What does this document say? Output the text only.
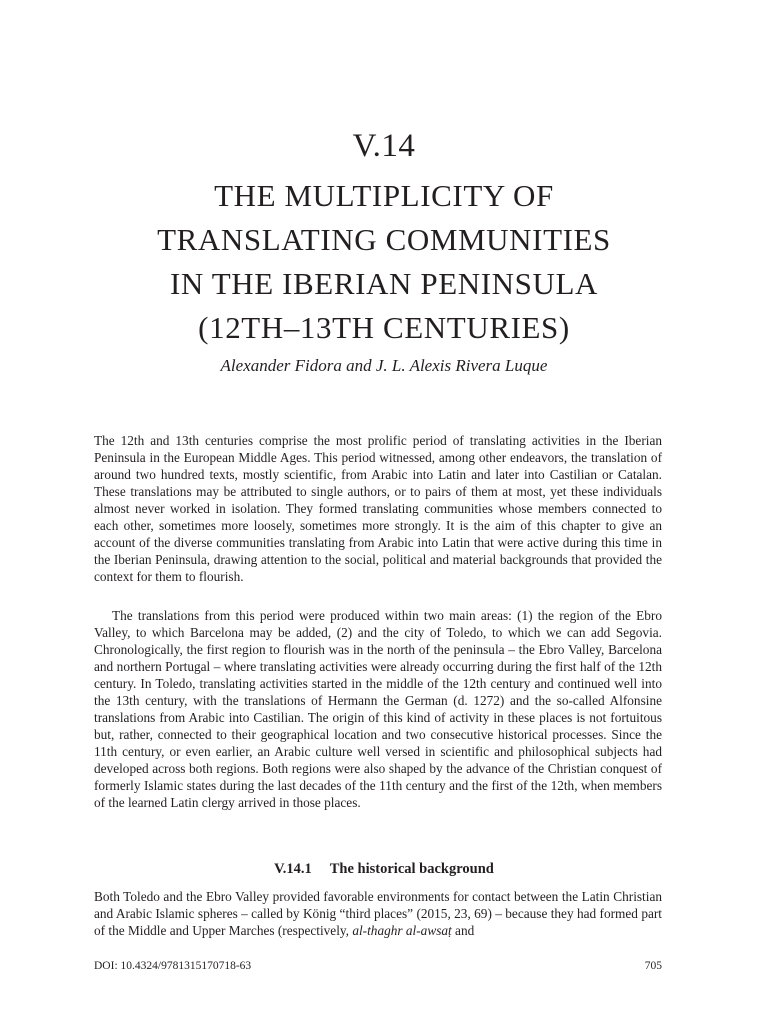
V.14
THE MULTIPLICITY OF
TRANSLATING COMMUNITIES
IN THE IBERIAN PENINSULA
(12TH–13TH CENTURIES)
Alexander Fidora and J. L. Alexis Rivera Luque

The 12th and 13th centuries comprise the most prolific period of translating activities in the Iberian Peninsula in the European Middle Ages. This period witnessed, among other endeavors, the translation of around two hundred texts, mostly scientific, from Arabic into Latin and later into Castilian or Catalan. These translations may be attributed to single authors, or to pairs of them at most, yet these individuals almost never worked in isolation. They formed translating communities whose members connected to each other, sometimes more loosely, sometimes more strongly. It is the aim of this chapter to give an account of the diverse communities translating from Arabic into Latin that were active during this time in the Iberian Peninsula, drawing attention to the social, political and material backgrounds that provided the context for them to flourish.

The translations from this period were produced within two main areas: (1) the region of the Ebro Valley, to which Barcelona may be added, (2) and the city of Toledo, to which we can add Segovia. Chronologically, the first region to flourish was in the north of the peninsula – the Ebro Valley, Barcelona and northern Portugal – where translating activities were already occurring during the first half of the 12th century. In Toledo, translating activities started in the middle of the 12th century and continued well into the 13th century, with the translations of Hermann the German (d. 1272) and the so-called Alfonsine translations from Arabic into Castilian. The origin of this kind of activity in these places is not fortuitous but, rather, connected to their geographical location and two consecutive historical processes. Since the 11th century, or even earlier, an Arabic culture well versed in scientific and philosophical subjects had developed across both regions. Both regions were also shaped by the advance of the Christian conquest of formerly Islamic states during the last decades of the 11th century and the first of the 12th, when members of the learned Latin clergy arrived in those places.

V.14.1 The historical background

Both Toledo and the Ebro Valley provided favorable environments for contact between the Latin Christian and Arabic Islamic spheres – called by König “third places” (2015, 23, 69) – because they had formed part of the Middle and Upper Marches (respectively, al-thaghr al-awsaṭ and

DOI: 10.4324/9781315170718-63	705
